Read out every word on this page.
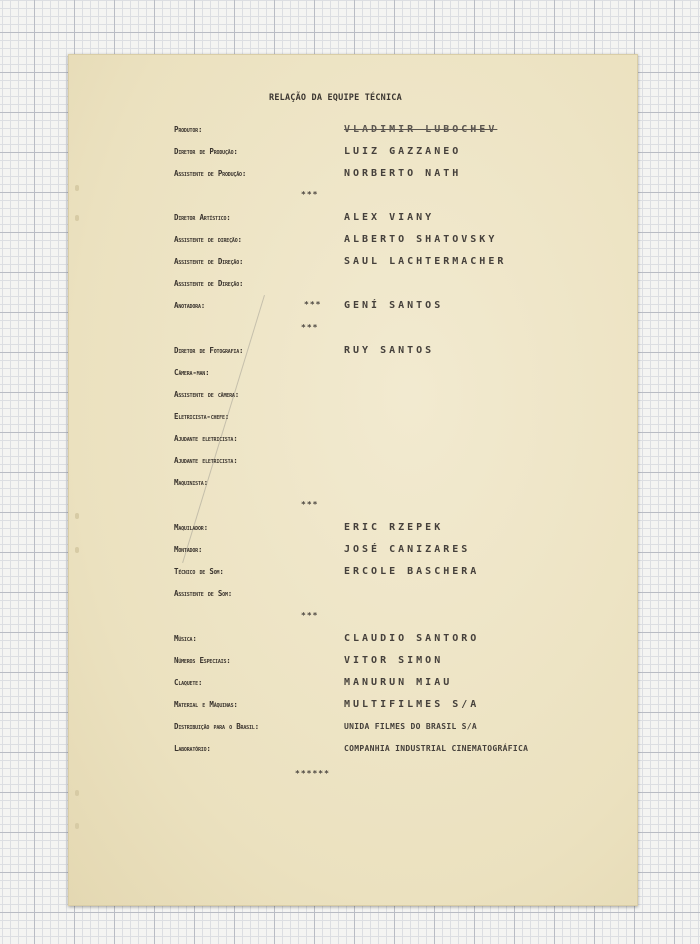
RELAÇÃO DA EQUIPE TÉCNICA
Produtor:	VLADIMIR LUBOCHEV
Diretor de Produção:	LUIZ GAZZANEO
Assistente de Produção:	NORBERTO NATH
***
Diretor Artístico:	ALEX VIANY
Assistente de direção:	ALBERTO SHATOVSKY
Assistente de Direção:	SAUL LACHTERMACHER
Assistente de Direção:
Anotadora:	*** GENÍ SANTOS
***
Diretor de Fotografia:	RUY SANTOS
Câmera-man:
Assistente de câmera:
Eletricista-chefe:
Ajudante eletricista:
Ajudante eletricista:
Maquinista:
***
Maquilador:	ERIC RZEPEK
Montador:	JOSÉ CANIZARES
Técnico de Som:	ERCOLE BASCHERA
Assistente de Som:
***
Música:	CLAUDIO SANTORO
Números Especiais:	VITOR SIMON
Claquete:	MANURUN MIAU
Material e Máquinas:	MULTIFILMES S/A
Distribuição para o Brasil:	UNIDA FILMES DO BRASIL S/A
Laboratório:	COMPANHIA INDUSTRIAL CINEMATOGRÁFICA
******
